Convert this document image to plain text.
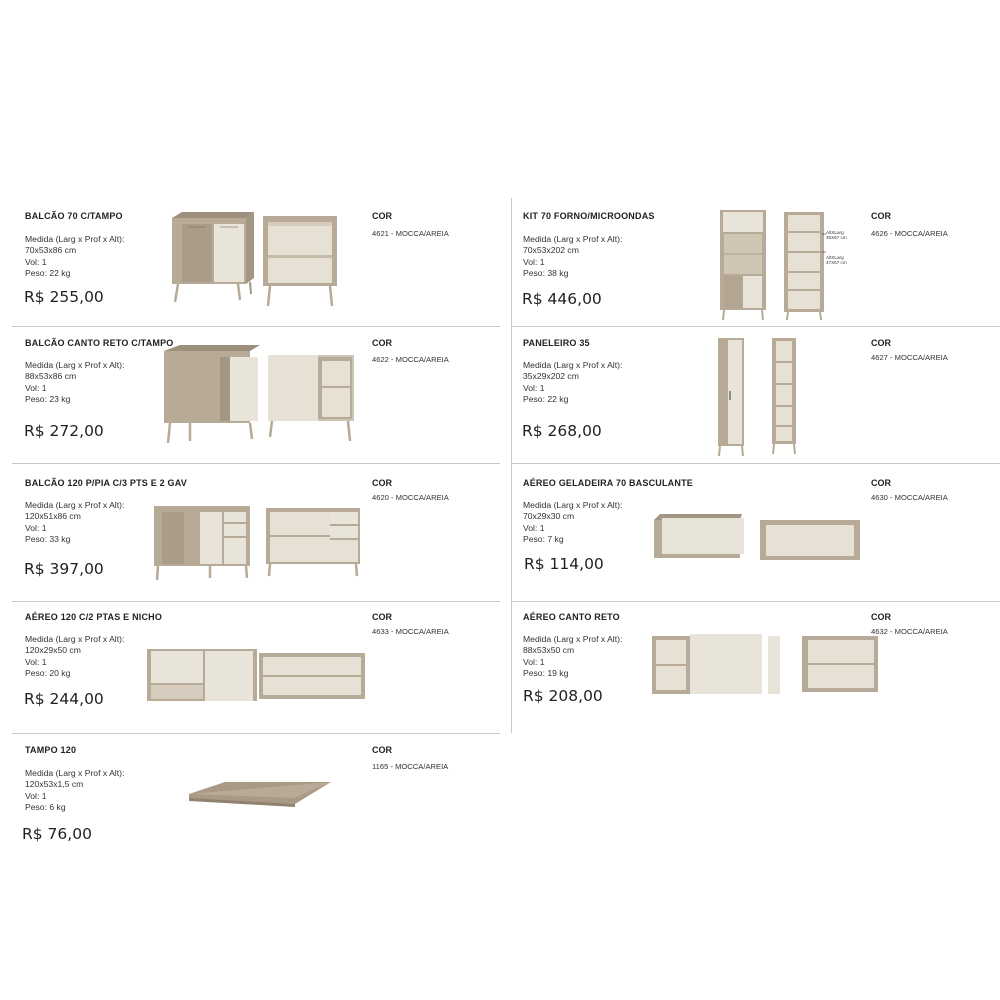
BALCÃO 70 C/TAMPO
Medida (Larg x Prof x Alt):
70x53x86 cm
Vol: 1
Peso: 22 kg
R$ 255,00
COR
4621 - MOCCA/AREIA
KIT 70 FORNO/MICROONDAS
Medida (Larg x Prof x Alt):
70x53x202 cm
Vol: 1
Peso: 38 kg
R$ 446,00
COR
4626 - MOCCA/AREIA
AltXLarg 36X67 cm
AltXLarg 47X67 cm
BALCÃO CANTO RETO C/TAMPO
Medida (Larg x Prof x Alt):
88x53x86 cm
Vol: 1
Peso: 23 kg
R$ 272,00
COR
4622 - MOCCA/AREIA
PANELEIRO 35
Medida (Larg x Prof x Alt):
35x29x202 cm
Vol: 1
Peso: 22 kg
R$ 268,00
COR
4627 - MOCCA/AREIA
BALCÃO 120 P/PIA C/3 PTS E 2 GAV
Medida (Larg x Prof x Alt):
120x51x86 cm
Vol: 1
Peso: 33 kg
R$ 397,00
COR
4620 - MOCCA/AREIA
AÉREO GELADEIRA 70 BASCULANTE
Medida (Larg x Prof x Alt):
70x29x30 cm
Vol: 1
Peso: 7 kg
R$ 114,00
COR
4630 - MOCCA/AREIA
AÉREO 120 C/2 PTAS E NICHO
Medida (Larg x Prof x Alt):
120x29x50 cm
Vol: 1
Peso: 20 kg
R$ 244,00
COR
4633 - MOCCA/AREIA
AÉREO CANTO RETO
Medida (Larg x Prof x Alt):
88x53x50 cm
Vol: 1
Peso: 19 kg
R$ 208,00
COR
4632 - MOCCA/AREIA
TAMPO 120
Medida (Larg x Prof x Alt):
120x53x1,5 cm
Vol: 1
Peso: 6 kg
R$ 76,00
COR
1165 - MOCCA/AREIA
